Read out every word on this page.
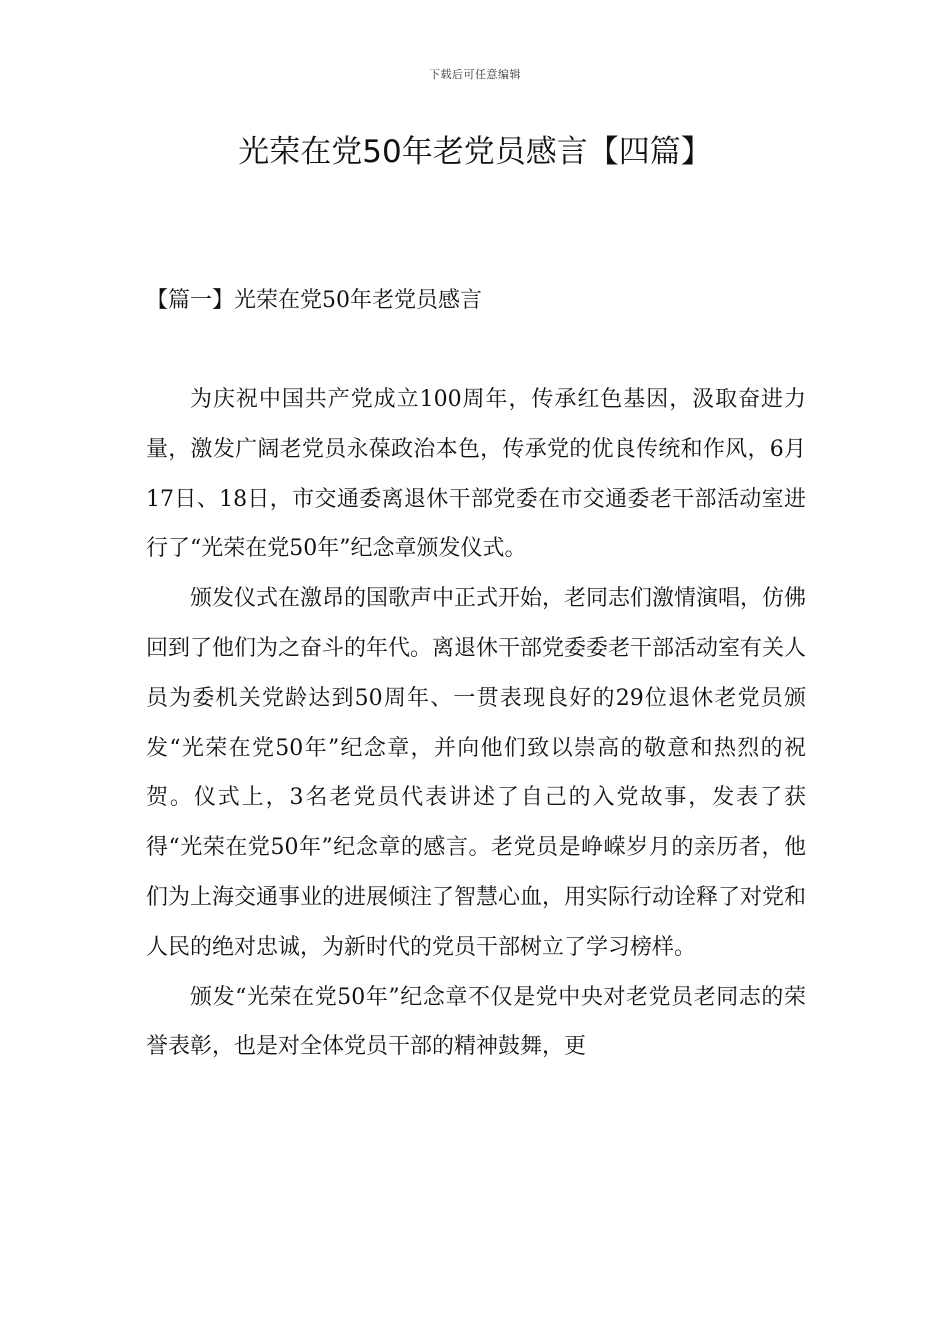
下载后可任意编辑
光荣在党50年老党员感言【四篇】
【篇一】光荣在党50年老党员感言

为庆祝中国共产党成立100周年，传承红色基因，汲取奋进力量，激发广阔老党员永葆政治本色，传承党的优良传统和作风，6月17日、18日，市交通委离退休干部党委在市交通委老干部活动室进行了“光荣在党50年”纪念章颁发仪式。

颁发仪式在激昂的国歌声中正式开始，老同志们激情演唱，仿佛回到了他们为之奋斗的年代。离退休干部党委委老干部活动室有关人员为委机关党龄达到50周年、一贯表现良好的29位退休老党员颁发“光荣在党50年”纪念章，并向他们致以崇高的敬意和热烈的祝贺。仪式上，3名老党员代表讲述了自己的入党故事，发表了获得“光荣在党50年”纪念章的感言。老党员是峥嵘岁月的亲历者，他们为上海交通事业的进展倾注了智慧心血，用实际行动诠释了对党和人民的绝对忠诚，为新时代的党员干部树立了学习榜样。

颁发“光荣在党50年”纪念章不仅是党中央对老党员老同志的荣誉表彰，也是对全体党员干部的精神鼓舞，更
